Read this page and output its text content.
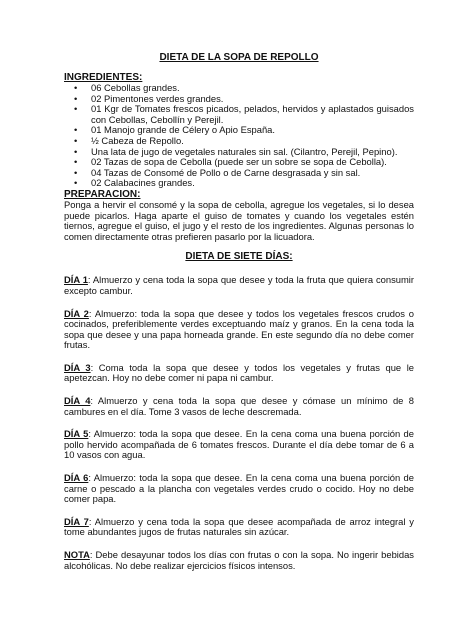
DIETA DE LA SOPA DE REPOLLO
INGREDIENTES:
• 06 Cebollas grandes.
• 02 Pimentones verdes grandes.
• 01 Kgr de Tomates frescos picados, pelados, hervidos y aplastados guisados con Cebollas, Cebollín y Perejil.
• 01 Manojo grande de Célery o Apio España.
• ½ Cabeza de Repollo.
• Una lata de jugo de vegetales naturales sin sal. (Cilantro, Perejil, Pepino).
• 02 Tazas de sopa de Cebolla (puede ser un sobre se sopa de Cebolla).
• 04 Tazas de Consomé de Pollo o de Carne desgrasada y sin sal.
• 02 Calabacines grandes.
PREPARACION:

Ponga a hervir el consomé y la sopa de cebolla, agregue los vegetales, si lo desea puede picarlos. Haga aparte el guiso de tomates y cuando los vegetales estén tiernos, agregue el guiso, el jugo y el resto de los ingredientes. Algunas personas lo comen directamente otras prefieren pasarlo por la licuadora.

DIETA DE SIETE DÍAS:

DÍA 1: Almuerzo y cena toda la sopa que desee y toda la fruta que quiera consumir excepto cambur.

DÍA 2: Almuerzo: toda la sopa que desee y todos los vegetales frescos crudos o cocinados, preferiblemente verdes exceptuando maíz y granos. En la cena toda la sopa que desee y una papa horneada grande. En este segundo día no debe comer frutas.

DÍA 3: Coma toda la sopa que desee y todos los vegetales y frutas que le apetezcan. Hoy no debe comer ni papa ni cambur.

DÍA 4: Almuerzo y cena toda la sopa que desee y cómase un mínimo de 8 cambures en el día. Tome 3 vasos de leche descremada.

DÍA 5: Almuerzo: toda la sopa que desee. En la cena coma una buena porción de pollo hervido acompañada de 6 tomates frescos. Durante el día debe tomar de 6 a 10 vasos con agua.

DÍA 6: Almuerzo: toda la sopa que desee. En la cena coma una buena porción de carne o pescado a la plancha con vegetales verdes crudo o cocido. Hoy no debe comer papa.

DÍA 7: Almuerzo y cena toda la sopa que desee acompañada de arroz integral y tome abundantes jugos de frutas naturales sin azúcar.

NOTA: Debe desayunar todos los días con frutas o con la sopa. No ingerir bebidas alcohólicas. No debe realizar ejercicios físicos intensos.
